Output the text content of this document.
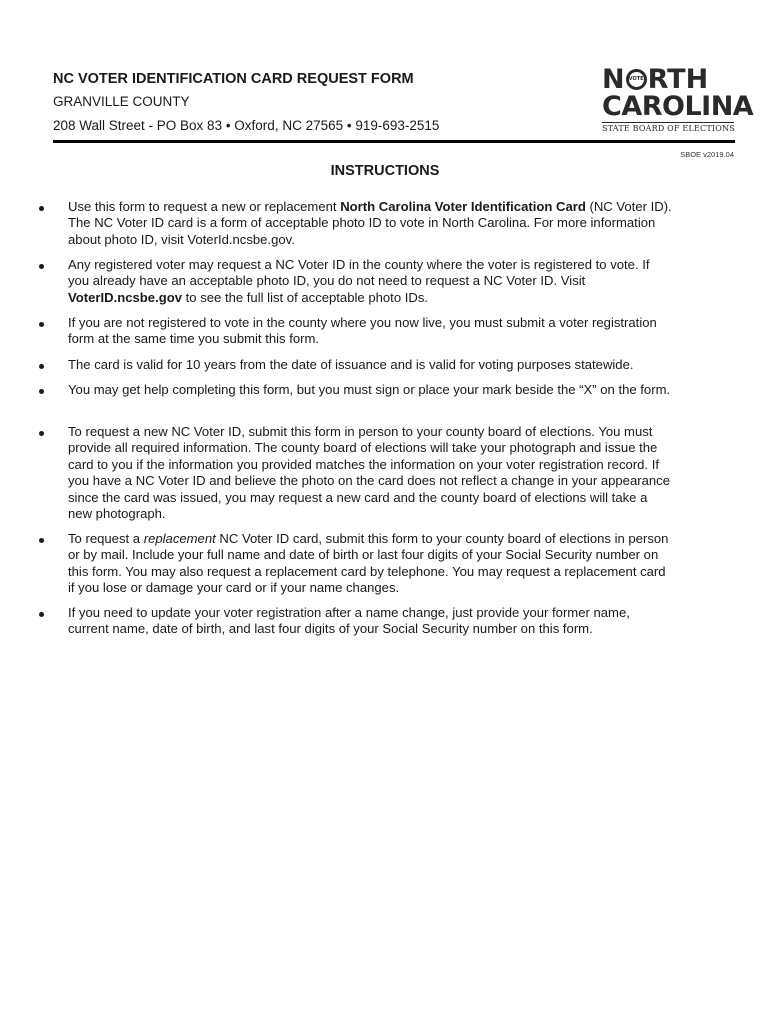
NC VOTER IDENTIFICATION CARD REQUEST FORM
GRANVILLE COUNTY
208 Wall Street - PO Box 83 • Oxford, NC 27565 • 919-693-2515
N VOTE RTH
CAROLINA
STATE BOARD OF ELECTIONS
SBOE v2019.04
INSTRUCTIONS
Use this form to request a new or replacement North Carolina Voter Identification Card (NC Voter ID). The NC Voter ID card is a form of acceptable photo ID to vote in North Carolina. For more information about photo ID, visit VoterId.ncsbe.gov.
Any registered voter may request a NC Voter ID in the county where the voter is registered to vote. If you already have an acceptable photo ID, you do not need to request a NC Voter ID. Visit VoterID.ncsbe.gov to see the full list of acceptable photo IDs.
If you are not registered to vote in the county where you now live, you must submit a voter registration form at the same time you submit this form.
The card is valid for 10 years from the date of issuance and is valid for voting purposes statewide.
You may get help completing this form, but you must sign or place your mark beside the “X” on the form.
To request a new NC Voter ID, submit this form in person to your county board of elections. You must provide all required information. The county board of elections will take your photograph and issue the card to you if the information you provided matches the information on your voter registration record. If you have a NC Voter ID and believe the photo on the card does not reflect a change in your appearance since the card was issued, you may request a new card and the county board of elections will take a new photograph.
To request a replacement NC Voter ID card, submit this form to your county board of elections in person or by mail. Include your full name and date of birth or last four digits of your Social Security number on this form. You may also request a replacement card by telephone. You may request a replacement card if you lose or damage your card or if your name changes.
If you need to update your voter registration after a name change, just provide your former name, current name, date of birth, and last four digits of your Social Security number on this form.
